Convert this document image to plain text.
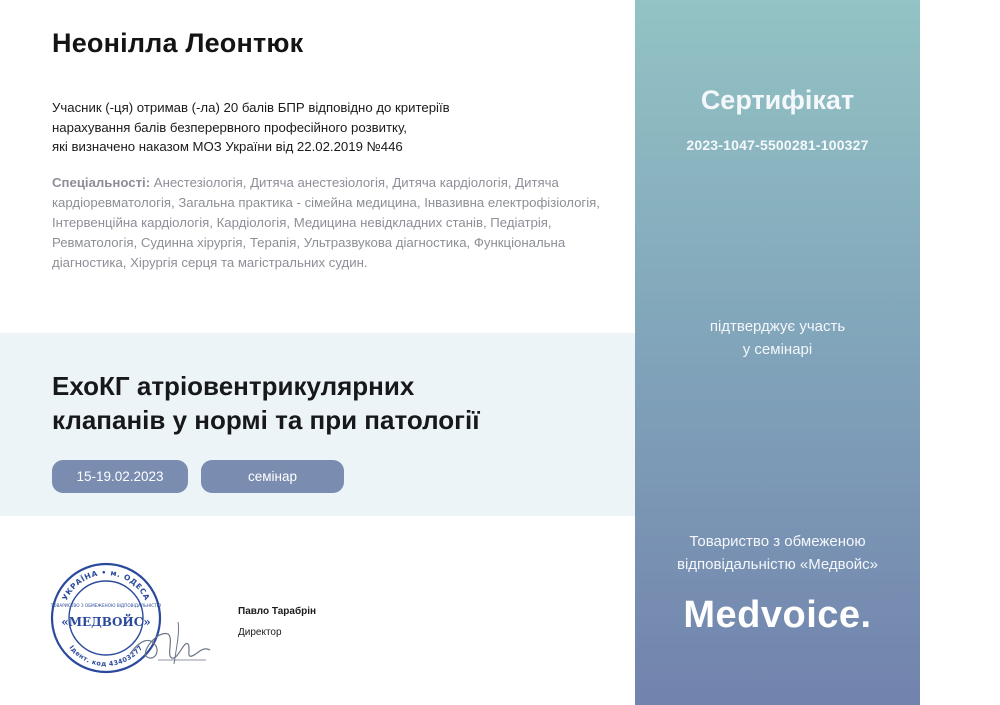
Неонілла Леонтюк
Учасник (-ця) отримав (-ла) 20 балів БПР відповідно до критеріїв
нарахування балів безперервного професійного розвитку,
які визначено наказом МОЗ України від 22.02.2019 №446
Спеціальності: Анестезіологія, Дитяча анестезіологія, Дитяча кардіологія, Дитяча кардіоревматологія, Загальна практика - сімейна медицина, Інвазивна електрофізіологія, Інтервенційна кардіологія, Кардіологія, Медицина невідкладних станів, Педіатрія, Ревматологія, Судинна хірургія, Терапія, Ультразвукова діагностика, Функціональна діагностика, Хірургія серця та магістральних судин.
ЕхоКГ атріовентрикулярних
клапанів у нормі та при патології
15-19.02.2023	семінар
УКРАЇНА • м. ОДЕСА
Ідент. код 43403277
ТОВАРИСТВО З ОБМЕЖЕНОЮ ВІДПОВІДАЛЬНІСТЮ
«МЕДВОЙС»
Павло Тарабрін
Директор
Сертифікат
2023-1047-5500281-100327
підтверджує участь
у семінарі
Товариство з обмеженою
відповідальністю «Медвойс»
Medvoice.
